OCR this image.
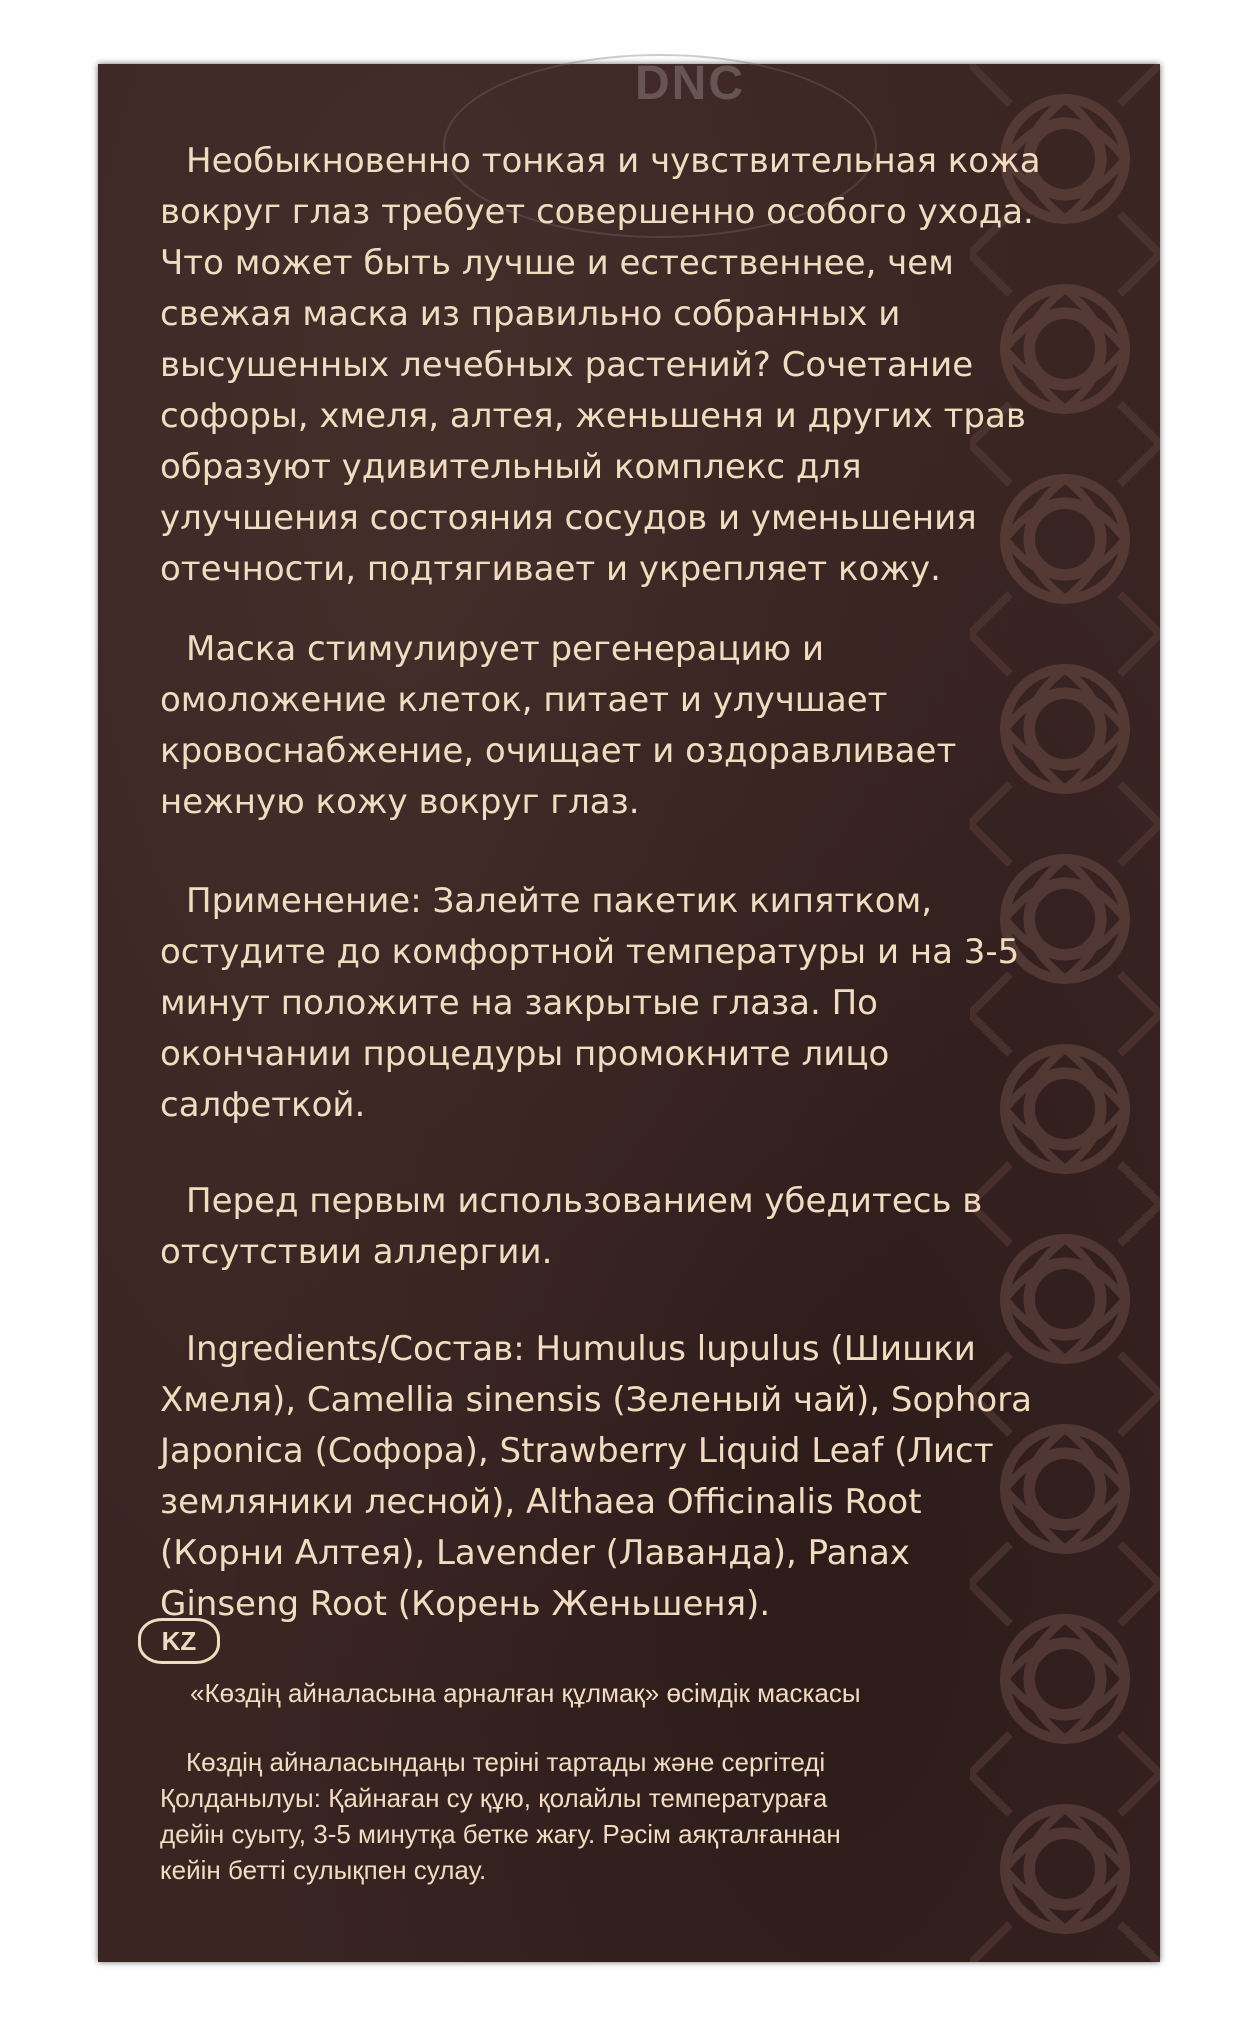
DNC

Необыкновенно тонкая и чувствительная кожа
вокруг глаз требует совершенно особого ухода.
Что может быть лучше и естественнее, чем
свежая маска из правильно собранных и
высушенных лечебных растений? Сочетание
софоры, хмеля, алтея, женьшеня и других трав
образуют удивительный комплекс для
улучшения состояния сосудов и уменьшения
отечности, подтягивает и укрепляет кожу.

Маска стимулирует регенерацию и
омоложение клеток, питает и улучшает
кровоснабжение, очищает и оздоравливает
нежную кожу вокруг глаз.

Применение: Залейте пакетик кипятком,
остудите до комфортной температуры и на 3-5
минут положите на закрытые глаза. По
окончании процедуры промокните лицо
салфеткой.

Перед первым использованием убедитесь в
отсутствии аллергии.

Ingredients/Состав: Humulus lupulus (Шишки
Хмеля), Camellia sinensis (Зеленый чай), Sophora
Japonica (Софора), Strawberry Liquid Leaf (Лист
земляники лесной), Althaea Officinalis Root
(Корни Алтея), Lavender (Лаванда), Panax
Ginseng Root (Корень Женьшеня).

KZ
«Көздің айналасына арналған құлмақ» өсімдік маскасы
Көздің айналасындаңы теріні тартады және сергітеді
Қолданылуы: Қайнаған су құю, қолайлы температураға
дейін суыту, 3-5 минутқа бетке жағу. Рәсім аяқталғаннан
кейін бетті сулықпен сулау.
